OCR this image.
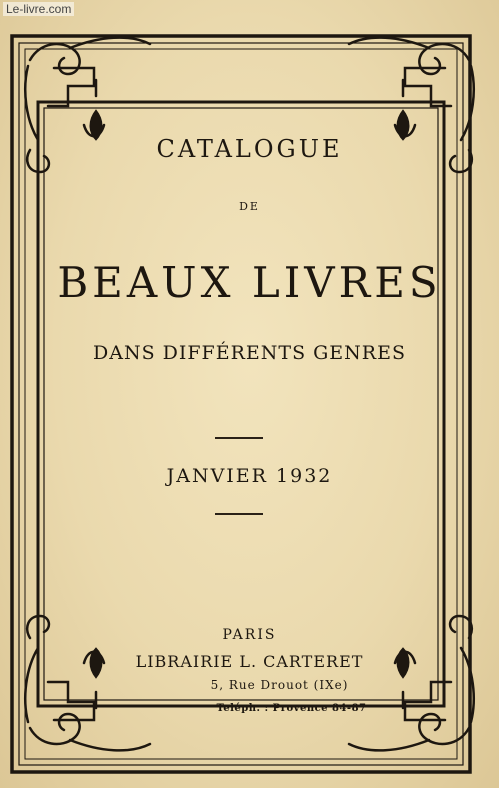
Le-livre.com
CATALOGUE
DE
BEAUX LIVRES
DANS DIFFÉRENTS GENRES
JANVIER 1932
PARIS
LIBRAIRIE L. CARTERET
5, Rue Drouot (IXe)
Teléph. : Provence 84-87
